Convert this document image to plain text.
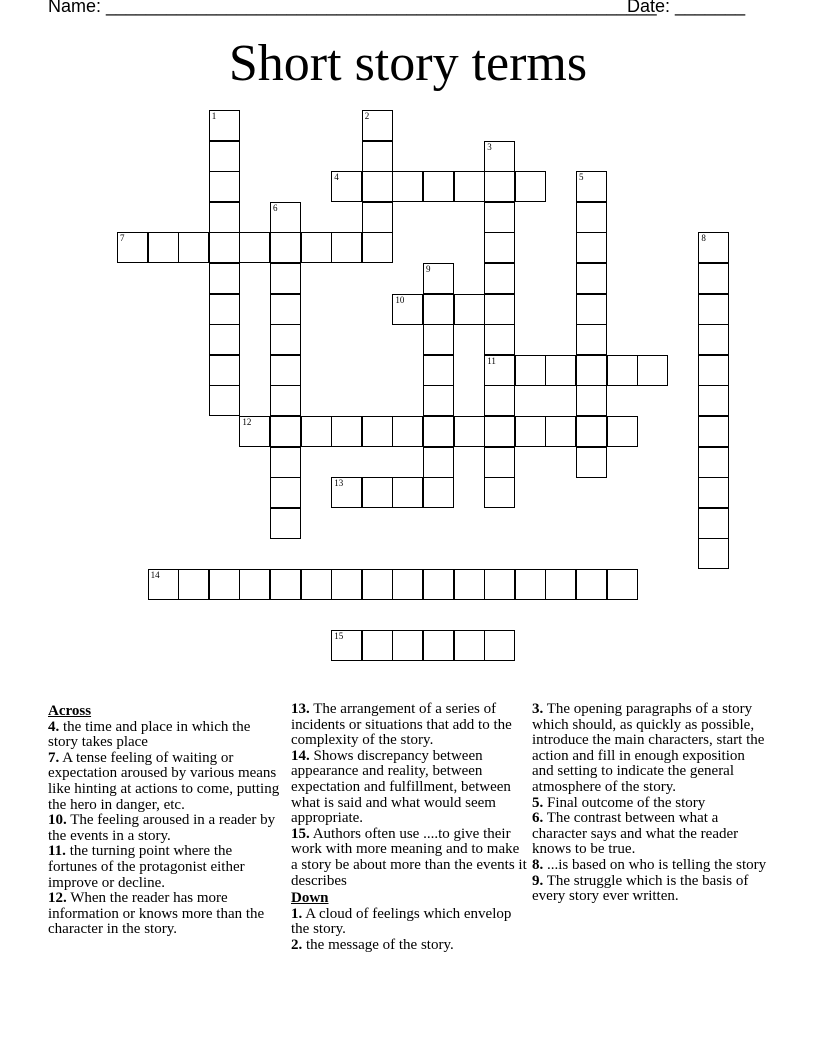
Name: _______________________________________________________
Date: _______
Short story terms
1	2
3
11
4	5
6
7	8
9
10
12
13
14
15
Across
4. the time and place in which the story takes place
7. A tense feeling of waiting or expectation aroused by various means like hinting at actions to come, putting the hero in danger, etc.
10. The feeling aroused in a reader by the events in a story.
11. the turning point where the fortunes of the protagonist either improve or decline.
12. When the reader has more information or knows more than the character in the story.
13. The arrangement of a series of incidents or situations that add to the complexity of the story.
14. Shows discrepancy between appearance and reality, between expectation and fulfillment, between what is said and what would seem appropriate.
15. Authors often use ....to give their work with more meaning and to make a story be about more than the events it describes
Down
1. A cloud of feelings which envelop the story.
2. the message of the story.
3. The opening paragraphs of a story which should, as quickly as possible, introduce the main characters, start the action and fill in enough exposition and setting to indicate the general atmosphere of the story.
5. Final outcome of the story
6. The contrast between what a character says and what the reader knows to be true.
8. ...is based on who is telling the story
9. The struggle which is the basis of every story ever written.
